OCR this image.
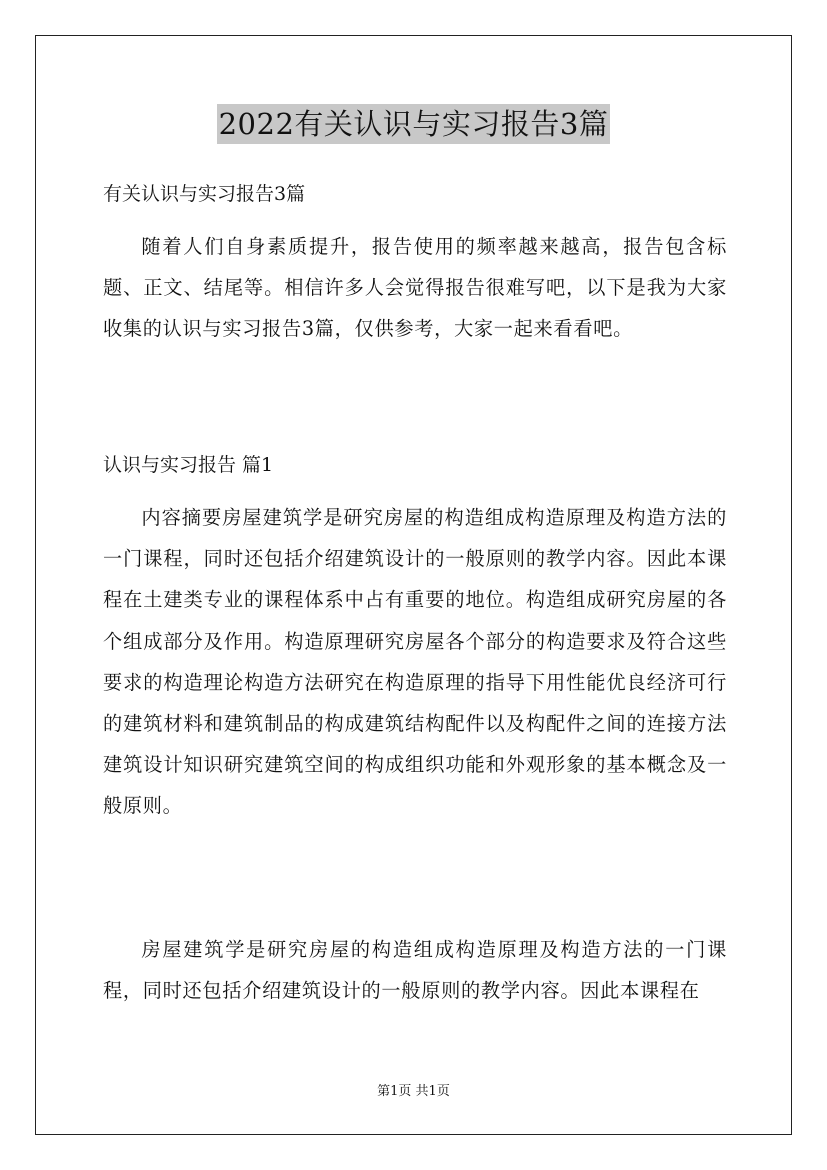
2022有关认识与实习报告3篇
有关认识与实习报告3篇

随着人们自身素质提升，报告使用的频率越来越高，报告包含标题、正文、结尾等。相信许多人会觉得报告很难写吧，以下是我为大家收集的认识与实习报告3篇，仅供参考，大家一起来看看吧。

认识与实习报告 篇1

内容摘要房屋建筑学是研究房屋的构造组成构造原理及构造方法的一门课程，同时还包括介绍建筑设计的一般原则的教学内容。因此本课程在土建类专业的课程体系中占有重要的地位。构造组成研究房屋的各个组成部分及作用。构造原理研究房屋各个部分的构造要求及符合这些要求的构造理论构造方法研究在构造原理的指导下用性能优良经济可行的建筑材料和建筑制品的构成建筑结构配件以及构配件之间的连接方法建筑设计知识研究建筑空间的构成组织功能和外观形象的基本概念及一般原则。

房屋建筑学是研究房屋的构造组成构造原理及构造方法的一门课程，同时还包括介绍建筑设计的一般原则的教学内容。因此本课程在

第1页 共1页
